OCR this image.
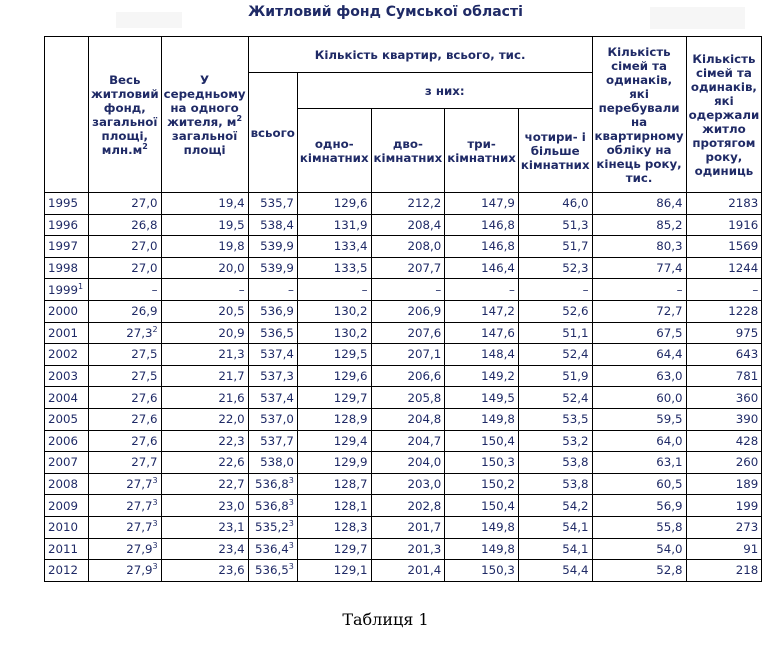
Житловий фонд Сумської області
	Весь житловий фонд, загальної площі, $млн.м^2$	У середньому на одного жителя, $м^2$ загальної площі	Кількість квартир, всього, тис.					Кількість сімей та одинаків, які перебували на квартирному обліку на кінець року, тис.	Кількість сімей та одинаків, які одержали житло протягом року, одиниць
			всього	з них:					

				одно-кімнатних	дво-кімнатних	три-кімнатних	чотири- і більше кімнатних		

1995	27,0	19,4	535,7	129,6	212,2	147,9	46,0	86,4	2183
1996	26,8	19,5	538,4	131,9	208,4	146,8	51,3	85,2	1916
1997	27,0	19,8	539,9	133,4	208,0	146,8	51,7	80,3	1569
1998	27,0	20,0	539,9	133,5	207,7	146,4	52,3	77,4	1244
1999$^1$	–	–	–	–	–	–	–	–	–
2000	26,9	20,5	536,9	130,2	206,9	147,2	52,6	72,7	1228
2001	27,3$^2$	20,9	536,5	130,2	207,6	147,6	51,1	67,5	975
2002	27,5	21,3	537,4	129,5	207,1	148,4	52,4	64,4	643
2003	27,5	21,7	537,3	129,6	206,6	149,2	51,9	63,0	781
2004	27,6	21,6	537,4	129,7	205,8	149,5	52,4	60,0	360
2005	27,6	22,0	537,0	128,9	204,8	149,8	53,5	59,5	390
2006	27,6	22,3	537,7	129,4	204,7	150,4	53,2	64,0	428
2007	27,7	22,6	538,0	129,9	204,0	150,3	53,8	63,1	260
2008	27,7$^3$	22,7	536,8$^3$	128,7	203,0	150,2	53,8	60,5	189
2009	27,7$^3$	23,0	536,8$^3$	128,1	202,8	150,4	54,2	56,9	199
2010	27,7$^3$	23,1	535,2$^3$	128,3	201,7	149,8	54,1	55,8	273
2011	27,9$^3$	23,4	536,4$^3$	129,7	201,3	149,8	54,1	54,0	91
2012	27,9$^3$	23,6	536,5$^3$	129,1	201,4	150,3	54,4	52,8	218
Таблиця 1
